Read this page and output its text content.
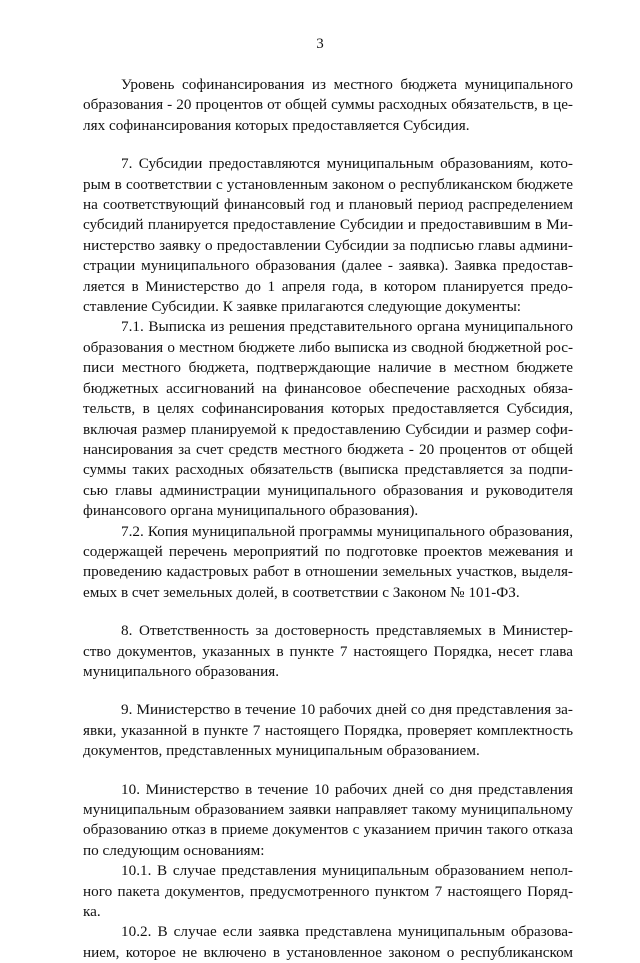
3
Уровень софинансирования из местного бюджета муниципального
образования - 20 процентов от общей суммы расходных обязательств, в це-
лях софинансирования которых предоставляется Субсидия.
7. Субсидии предоставляются муниципальным образованиям, кото-
рым в соответствии с установленным законом о республиканском бюджете
на соответствующий финансовый год и плановый период распределением
субсидий планируется предоставление Субсидии и предоставившим в Ми-
нистерство заявку о предоставлении Субсидии за подписью главы админи-
страции муниципального образования (далее - заявка). Заявка предостав-
ляется в Министерство до 1 апреля года, в котором планируется предо-
ставление Субсидии. К заявке прилагаются следующие документы:
7.1. Выписка из решения представительного органа муниципального
образования о местном бюджете либо выписка из сводной бюджетной рос-
писи местного бюджета, подтверждающие наличие в местном бюджете
бюджетных ассигнований на финансовое обеспечение расходных обяза-
тельств, в целях софинансирования которых предоставляется Субсидия,
включая размер планируемой к предоставлению Субсидии и размер софи-
нансирования за счет средств местного бюджета - 20 процентов от общей
суммы таких расходных обязательств (выписка представляется за подпи-
сью главы администрации муниципального образования и руководителя
финансового органа муниципального образования).
7.2. Копия муниципальной программы муниципального образования,
содержащей перечень мероприятий по подготовке проектов межевания и
проведению кадастровых работ в отношении земельных участков, выделя-
емых в счет земельных долей, в соответствии с Законом № 101-ФЗ.
8. Ответственность за достоверность представляемых в Министер-
ство документов, указанных в пункте 7 настоящего Порядка, несет глава
муниципального образования.
9. Министерство в течение 10 рабочих дней со дня представления за-
явки, указанной в пункте 7 настоящего Порядка, проверяет комплектность
документов, представленных муниципальным образованием.
10. Министерство в течение 10 рабочих дней со дня представления
муниципальным образованием заявки направляет такому муниципальному
образованию отказ в приеме документов с указанием причин такого отказа
по следующим основаниям:
10.1. В случае представления муниципальным образованием непол-
ного пакета документов, предусмотренного пунктом 7 настоящего Поряд-
ка.
10.2. В случае если заявка представлена муниципальным образова-
нием, которое не включено в установленное законом о республиканском
